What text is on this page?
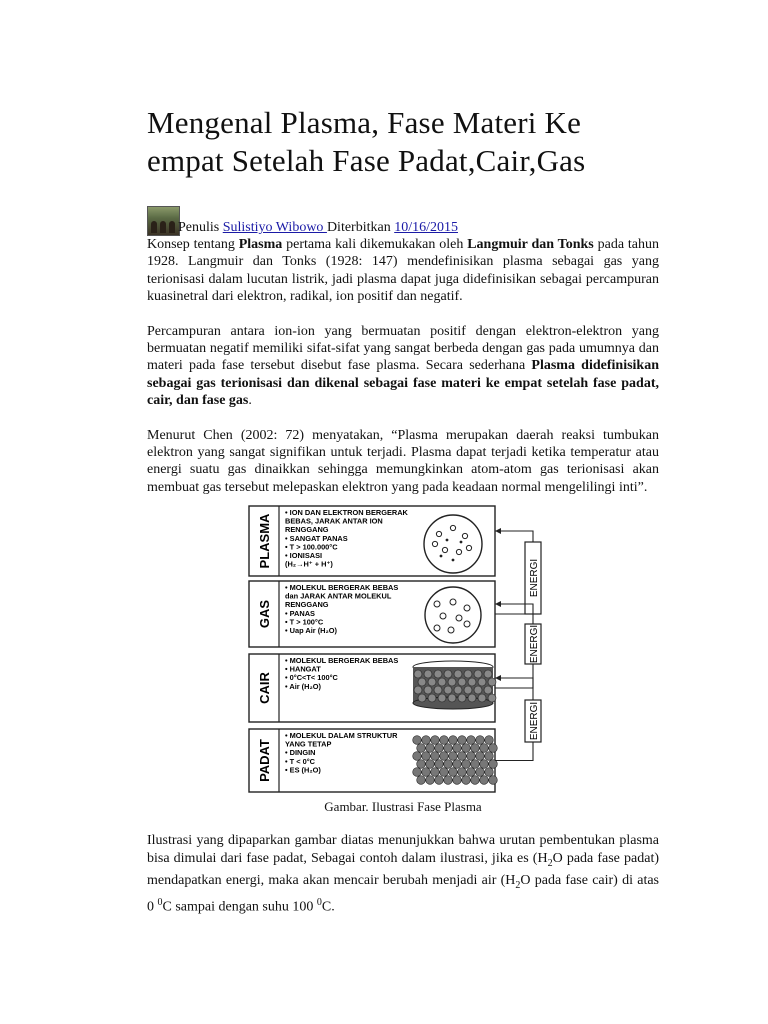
Mengenal Plasma, Fase Materi Ke empat Setelah Fase Padat,Cair,Gas
Penulis Sulistiyo Wibowo Diterbitkan 10/16/2015

Konsep tentang Plasma pertama kali dikemukakan oleh Langmuir dan Tonks pada tahun 1928. Langmuir dan Tonks (1928: 147) mendefinisikan plasma sebagai gas yang terionisasi dalam lucutan listrik, jadi plasma dapat juga didefinisikan sebagai percampuran kuasinetral dari elektron, radikal, ion positif dan negatif.

Percampuran antara ion-ion yang bermuatan positif dengan elektron-elektron yang bermuatan negatif memiliki sifat-sifat yang sangat berbeda dengan gas pada umumnya dan materi pada fase tersebut disebut fase plasma. Secara sederhana Plasma didefinisikan sebagai gas terionisasi dan dikenal sebagai fase materi ke empat setelah fase padat, cair, dan fase gas.

Menurut Chen (2002: 72) menyatakan, “Plasma merupakan daerah reaksi tumbukan elektron yang sangat signifikan untuk terjadi. Plasma dapat terjadi ketika temperatur atau energi suatu gas dinaikkan sehingga memungkinkan atom-atom gas terionisasi akan membuat gas tersebut melepaskan elektron yang pada keadaan normal mengelilingi inti”.

PLASMA
• ION DAN ELEKTRON BERGERAK
BEBAS, JARAK ANTAR ION
RENGGANG
• SANGAT PANAS
• T > 100.000°C
• IONISASI
(H₂→H⁺ + H⁺)
GAS
• MOLEKUL BERGERAK BEBAS
dan JARAK ANTAR MOLEKUL
RENGGANG
• PANAS
• T > 100°C
• Uap Air (H₂O)
CAIR
• MOLEKUL BERGERAK BEBAS
• HANGAT
• 0°C<T< 100°C
• Air (H₂O)
PADAT
• MOLEKUL DALAM STRUKTUR
YANG TETAP
• DINGIN
• T < 0°C
• ES (H₂O)
ENERGI
ENERGI
ENERGI
Gambar. Ilustrasi Fase Plasma

Ilustrasi yang dipaparkan gambar diatas menunjukkan bahwa urutan pembentukan plasma bisa dimulai dari fase padat, Sebagai contoh dalam ilustrasi, jika es ($H_2O$ pada fase padat) mendapatkan energi, maka akan mencair berubah menjadi air ($H_2O$ pada fase cair) di atas 0 $^0$C sampai dengan suhu 100 $^0$C.
